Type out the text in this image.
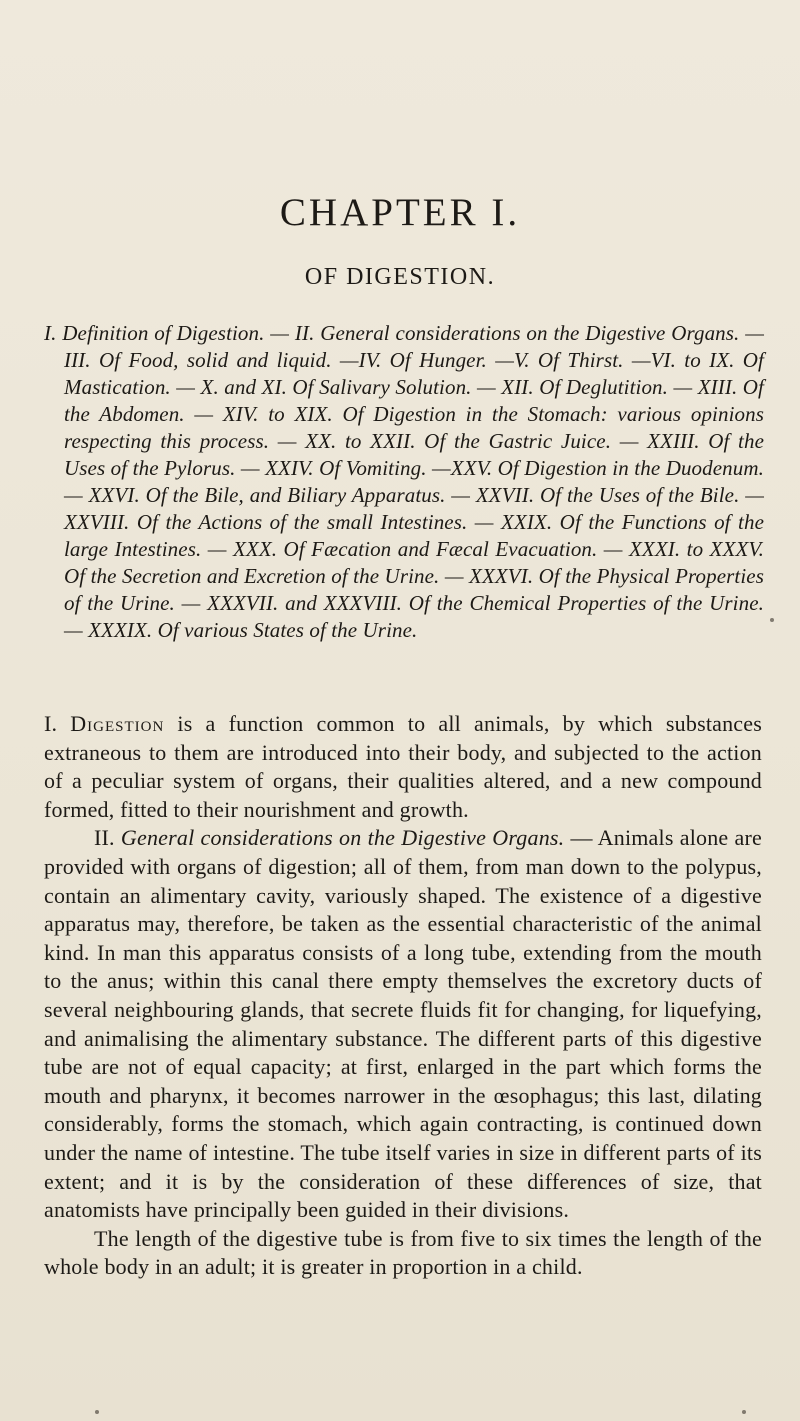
CHAPTER I.
OF DIGESTION.
I. Definition of Digestion. — II. General considerations on the Digestive Organs. —III. Of Food, solid and liquid. —IV. Of Hunger. —V. Of Thirst. —VI. to IX. Of Mastication. — X. and XI. Of Salivary Solution. — XII. Of Deglutition. — XIII. Of the Abdomen. — XIV. to XIX. Of Digestion in the Stomach: various opinions respecting this process. — XX. to XXII. Of the Gastric Juice. — XXIII. Of the Uses of the Pylorus. — XXIV. Of Vomiting. —XXV. Of Digestion in the Duodenum. — XXVI. Of the Bile, and Biliary Apparatus. — XXVII. Of the Uses of the Bile. — XXVIII. Of the Actions of the small Intestines. — XXIX. Of the Functions of the large Intestines. — XXX. Of Fæcation and Fæcal Evacuation. — XXXI. to XXXV. Of the Secretion and Excretion of the Urine. — XXXVI. Of the Physical Properties of the Urine. — XXXVII. and XXXVIII. Of the Chemical Properties of the Urine. — XXXIX. Of various States of the Urine.

I. Digestion is a function common to all animals, by which substances extraneous to them are introduced into their body, and subjected to the action of a peculiar system of organs, their qualities altered, and a new compound formed, fitted to their nourishment and growth.

II. General considerations on the Digestive Organs. — Animals alone are provided with organs of digestion; all of them, from man down to the polypus, contain an alimentary cavity, variously shaped. The existence of a digestive apparatus may, therefore, be taken as the essential characteristic of the animal kind. In man this apparatus consists of a long tube, extending from the mouth to the anus; within this canal there empty themselves the excretory ducts of several neighbouring glands, that secrete fluids fit for changing, for liquefying, and animalising the alimentary substance. The different parts of this digestive tube are not of equal capacity; at first, enlarged in the part which forms the mouth and pharynx, it becomes narrower in the œsophagus; this last, dilating considerably, forms the stomach, which again contracting, is continued down under the name of intestine. The tube itself varies in size in different parts of its extent; and it is by the consideration of these differences of size, that anatomists have principally been guided in their divisions.

The length of the digestive tube is from five to six times the length of the whole body in an adult; it is greater in proportion in a child.
